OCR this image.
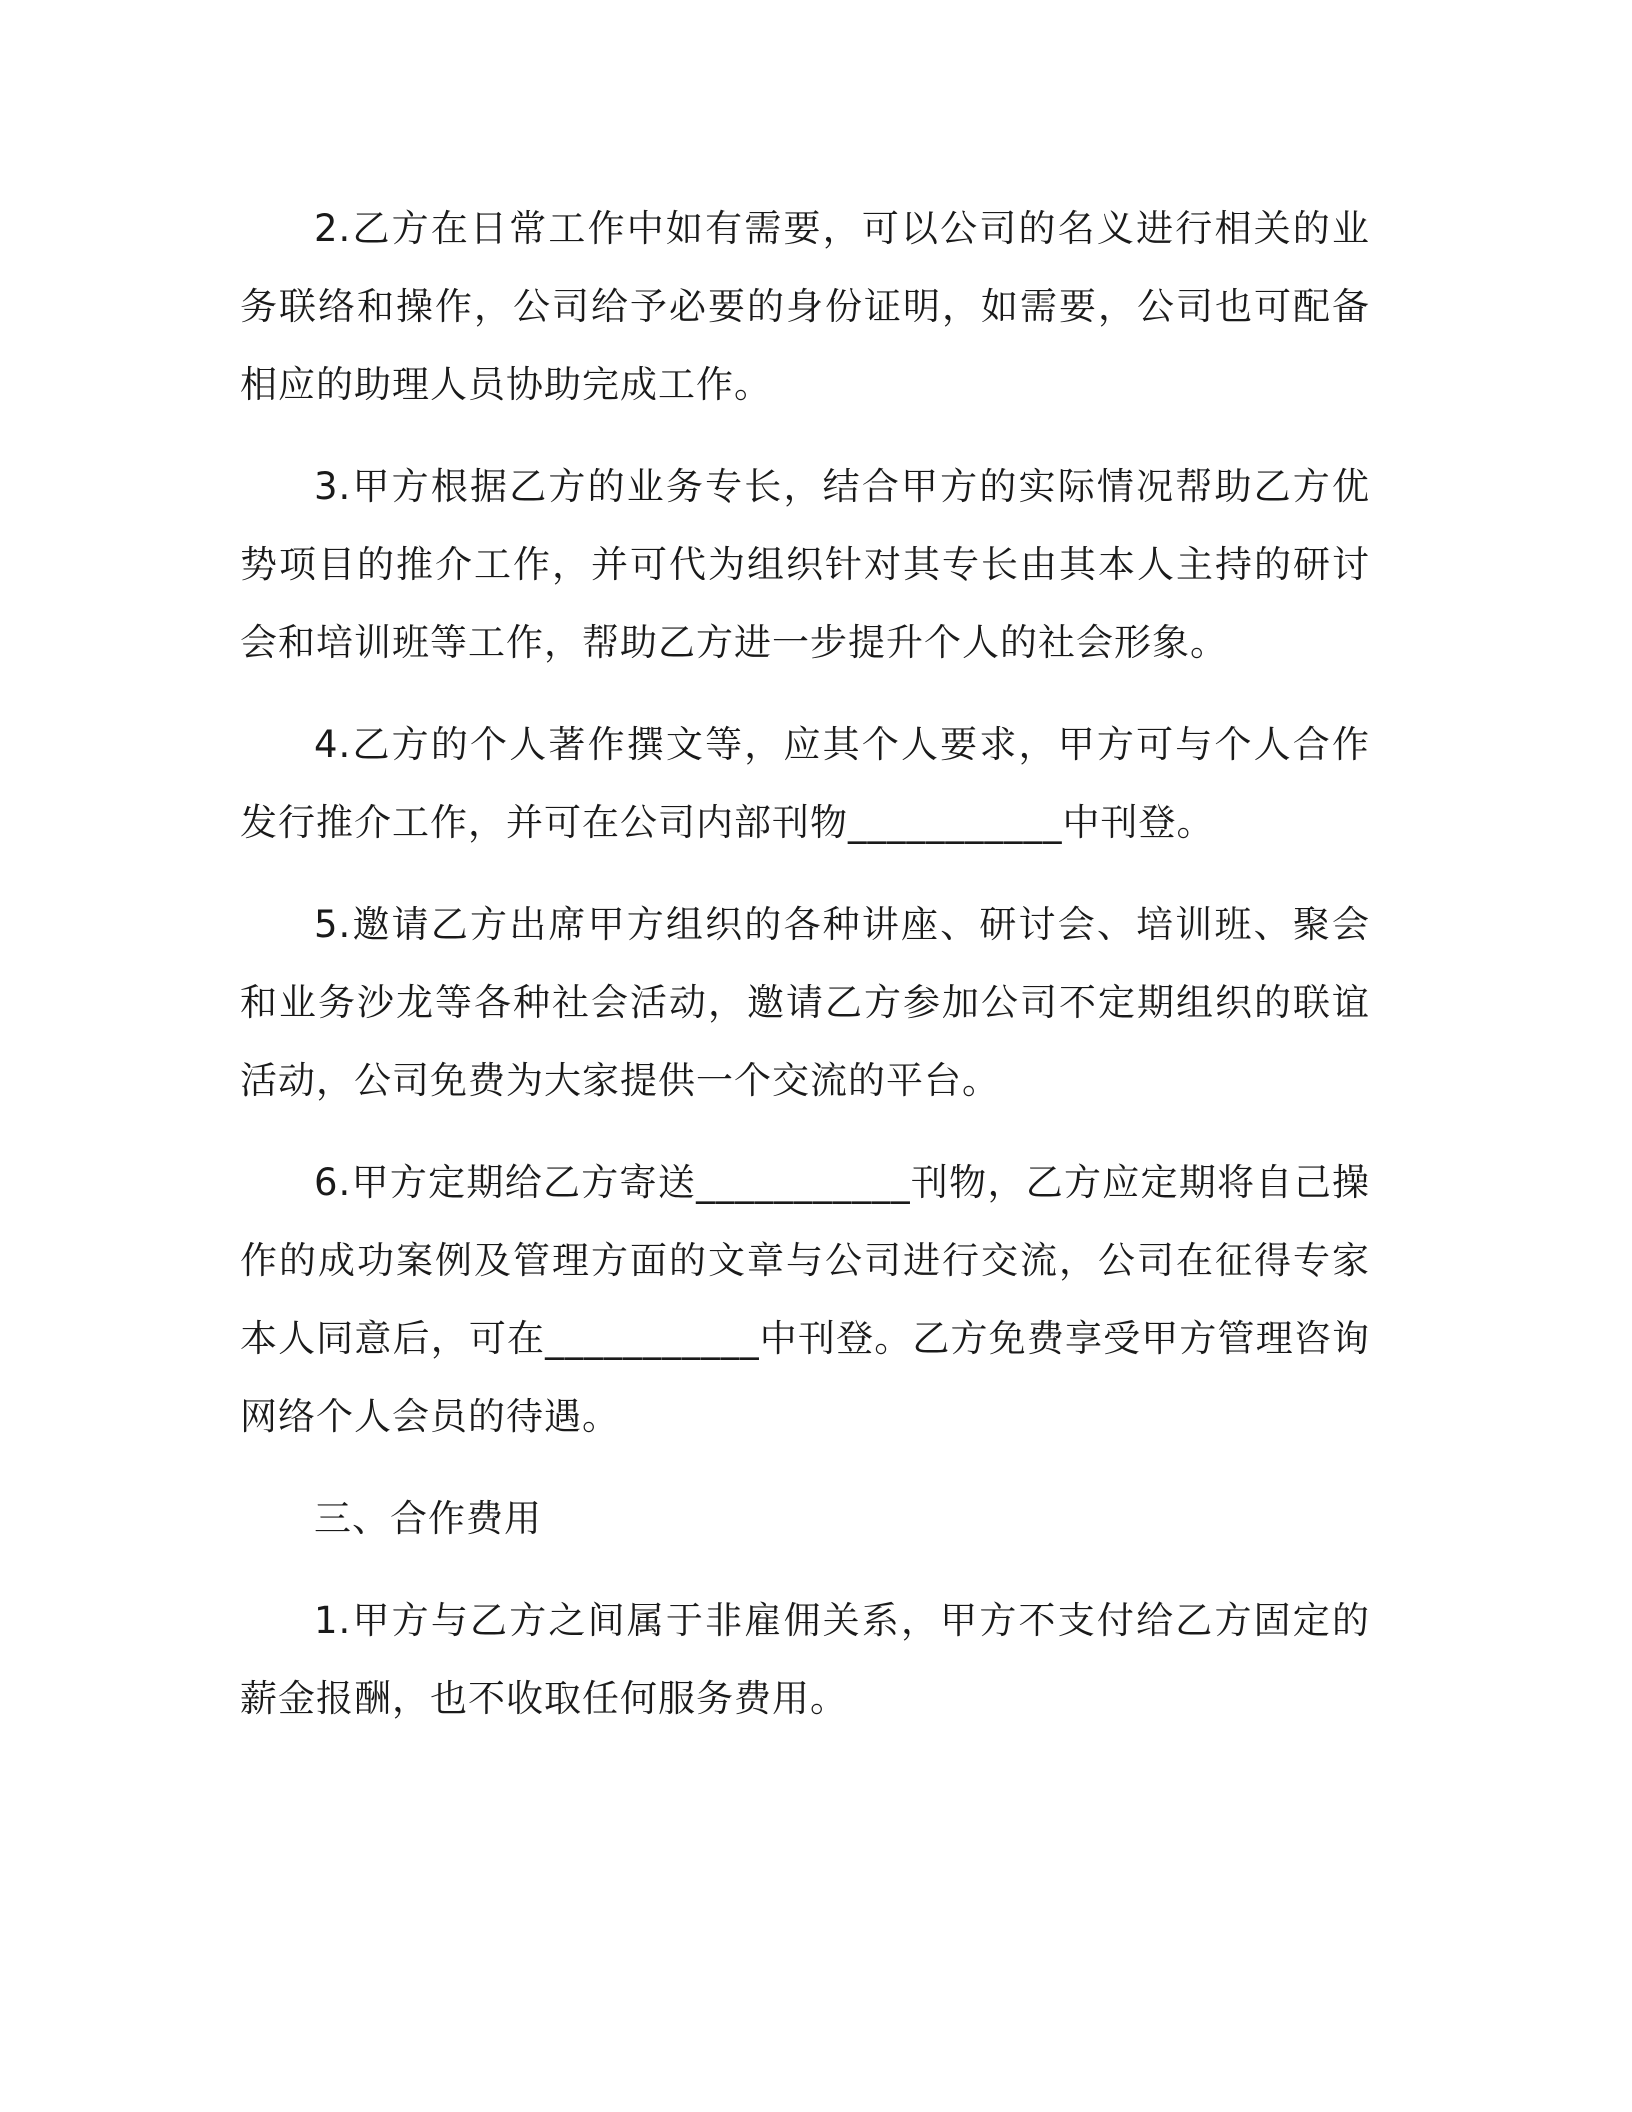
2.乙方在日常工作中如有需要，可以公司的名义进行相关的业务联络和操作，公司给予必要的身份证明，如需要，公司也可配备相应的助理人员协助完成工作。

3.甲方根据乙方的业务专长，结合甲方的实际情况帮助乙方优势项目的推介工作，并可代为组织针对其专长由其本人主持的研讨会和培训班等工作，帮助乙方进一步提升个人的社会形象。

4.乙方的个人著作撰文等，应其个人要求，甲方可与个人合作发行推介工作，并可在公司内部刊物___________中刊登。

5.邀请乙方出席甲方组织的各种讲座、研讨会、培训班、聚会和业务沙龙等各种社会活动，邀请乙方参加公司不定期组织的联谊活动，公司免费为大家提供一个交流的平台。

6.甲方定期给乙方寄送___________刊物，乙方应定期将自己操作的成功案例及管理方面的文章与公司进行交流，公司在征得专家本人同意后，可在___________中刊登。乙方免费享受甲方管理咨询网络个人会员的待遇。

三、合作费用

1.甲方与乙方之间属于非雇佣关系，甲方不支付给乙方固定的薪金报酬，也不收取任何服务费用。
